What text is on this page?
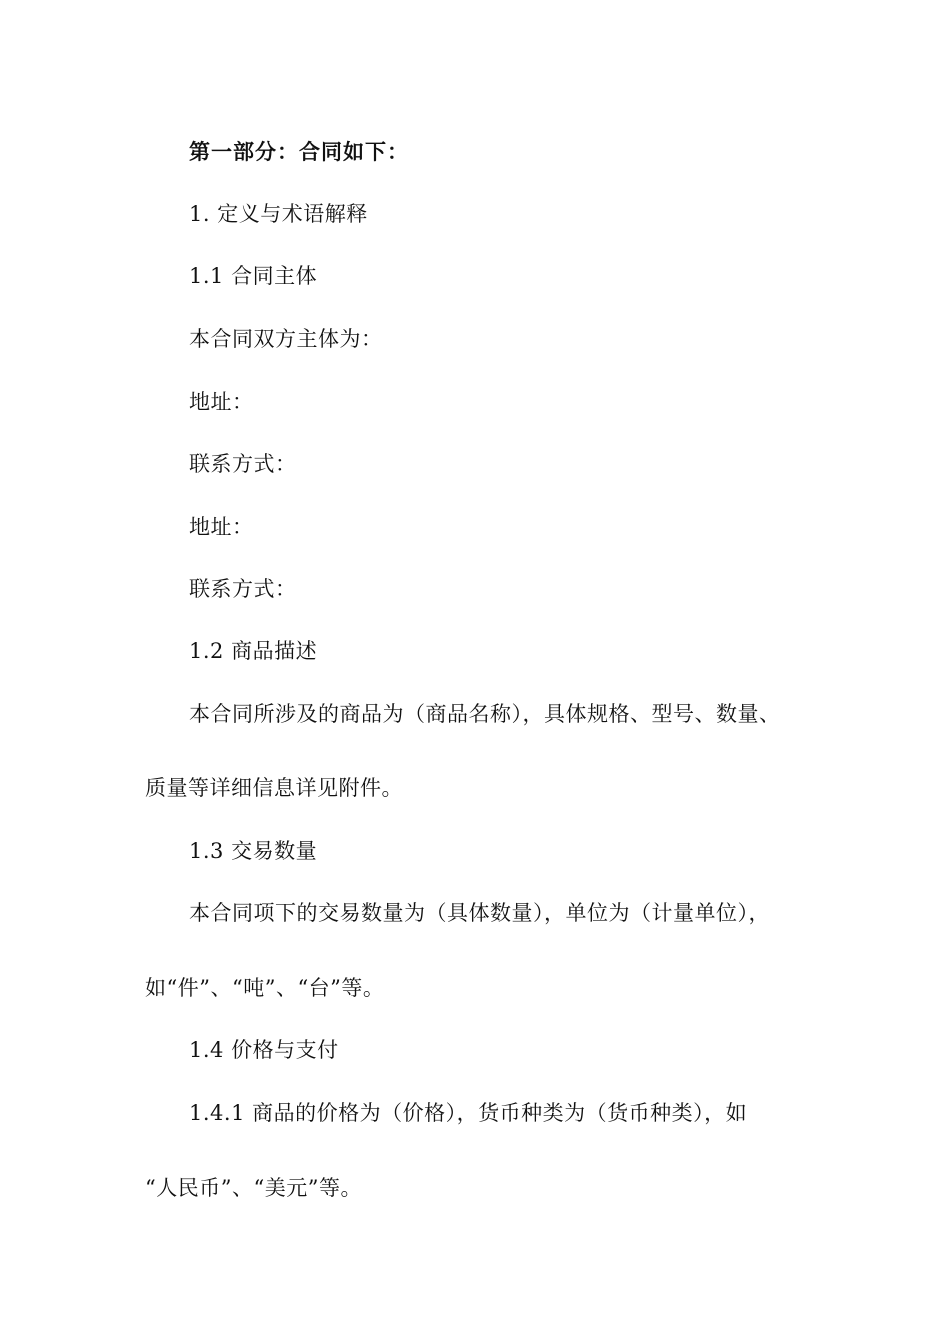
第一部分：合同如下：
1. 定义与术语解释
1.1 合同主体
本合同双方主体为：
地址：
联系方式：
地址：
联系方式：
1.2 商品描述
本合同所涉及的商品为（商品名称），具体规格、型号、数量、
质量等详细信息详见附件。
1.3 交易数量
本合同项下的交易数量为（具体数量），单位为（计量单位），
如“件”、“吨”、“台”等。
1.4 价格与支付
1.4.1 商品的价格为（价格），货币种类为（货币种类），如
“人民币”、“美元”等。
